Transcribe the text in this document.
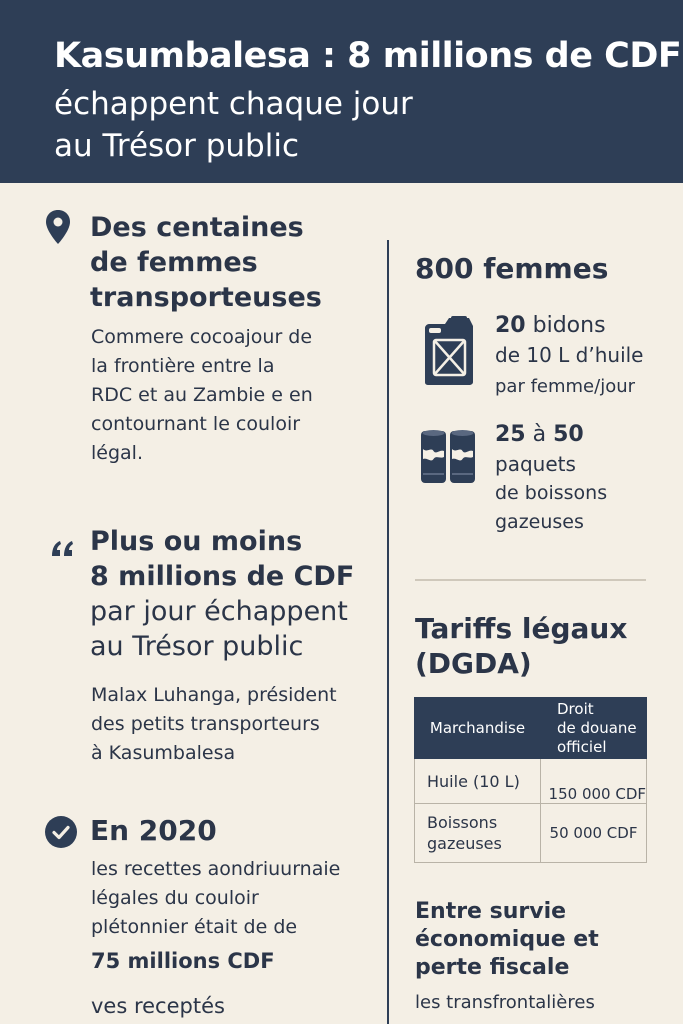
Kasumbalesa : 8 millions de CDF
échappent chaque jour
au Trésor public
Des centaines
de femmes
transporteuses
Commere cocoajour de
la frontière entre la
RDC et au Zambie e en
contournant le couloir
légal.
Plus ou moins
8 millions de CDF
par jour échappent
au Trésor public
Malax Luhanga, président
des petits transporteurs
à Kasumbalesa
En 2020
les recettes aondriuurnaie
légales du couloir
plétonnier était de de
75 millions CDF
ves receptés
800 femmes
20 bidons
de 10 L d’huile
par femme/jour
25 à 50
paquets
de boissons
gazeuses
Tariffs légaux
(DGDA)
Marchandise	Droit
de douane
officiel

Huile (10 L)	150 000 CDF

Boissons
gazeuses	50 000 CDF
Entre survie
économique et
perte fiscale
les transfrontalières
